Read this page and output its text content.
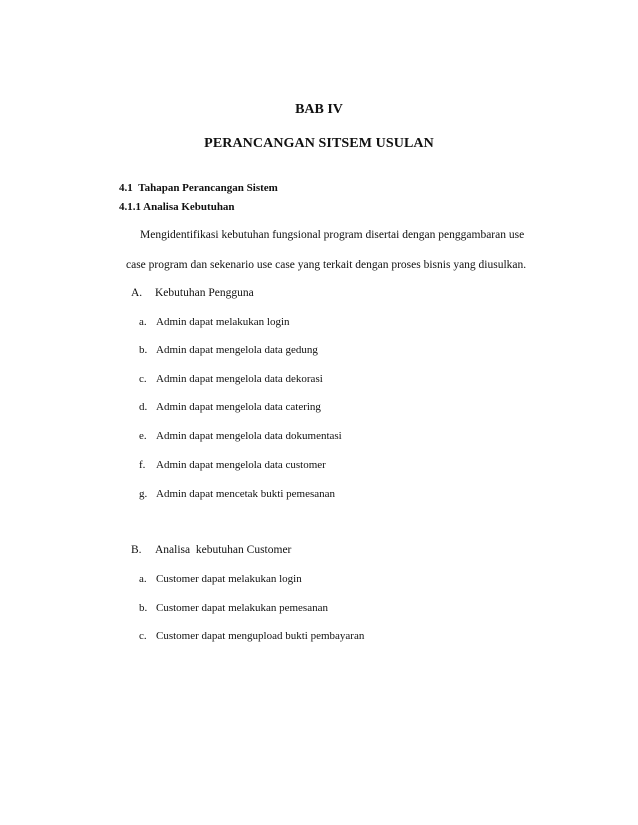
BAB IV
PERANCANGAN SITSEM USULAN
4.1 Tahapan Perancangan Sistem
4.1.1 Analisa Kebutuhan
Mengidentifikasi kebutuhan fungsional program disertai dengan penggambaran use
case program dan sekenario use case yang terkait dengan proses bisnis yang diusulkan.
A. Kebutuhan Pengguna
a. Admin dapat melakukan login
b. Admin dapat mengelola data gedung
c. Admin dapat mengelola data dekorasi
d. Admin dapat mengelola data catering
e. Admin dapat mengelola data dokumentasi
f. Admin dapat mengelola data customer
g. Admin dapat mencetak bukti pemesanan
B. Analisa  kebutuhan Customer
a. Customer dapat melakukan login
b. Customer dapat melakukan pemesanan
c. Customer dapat mengupload bukti pembayaran
